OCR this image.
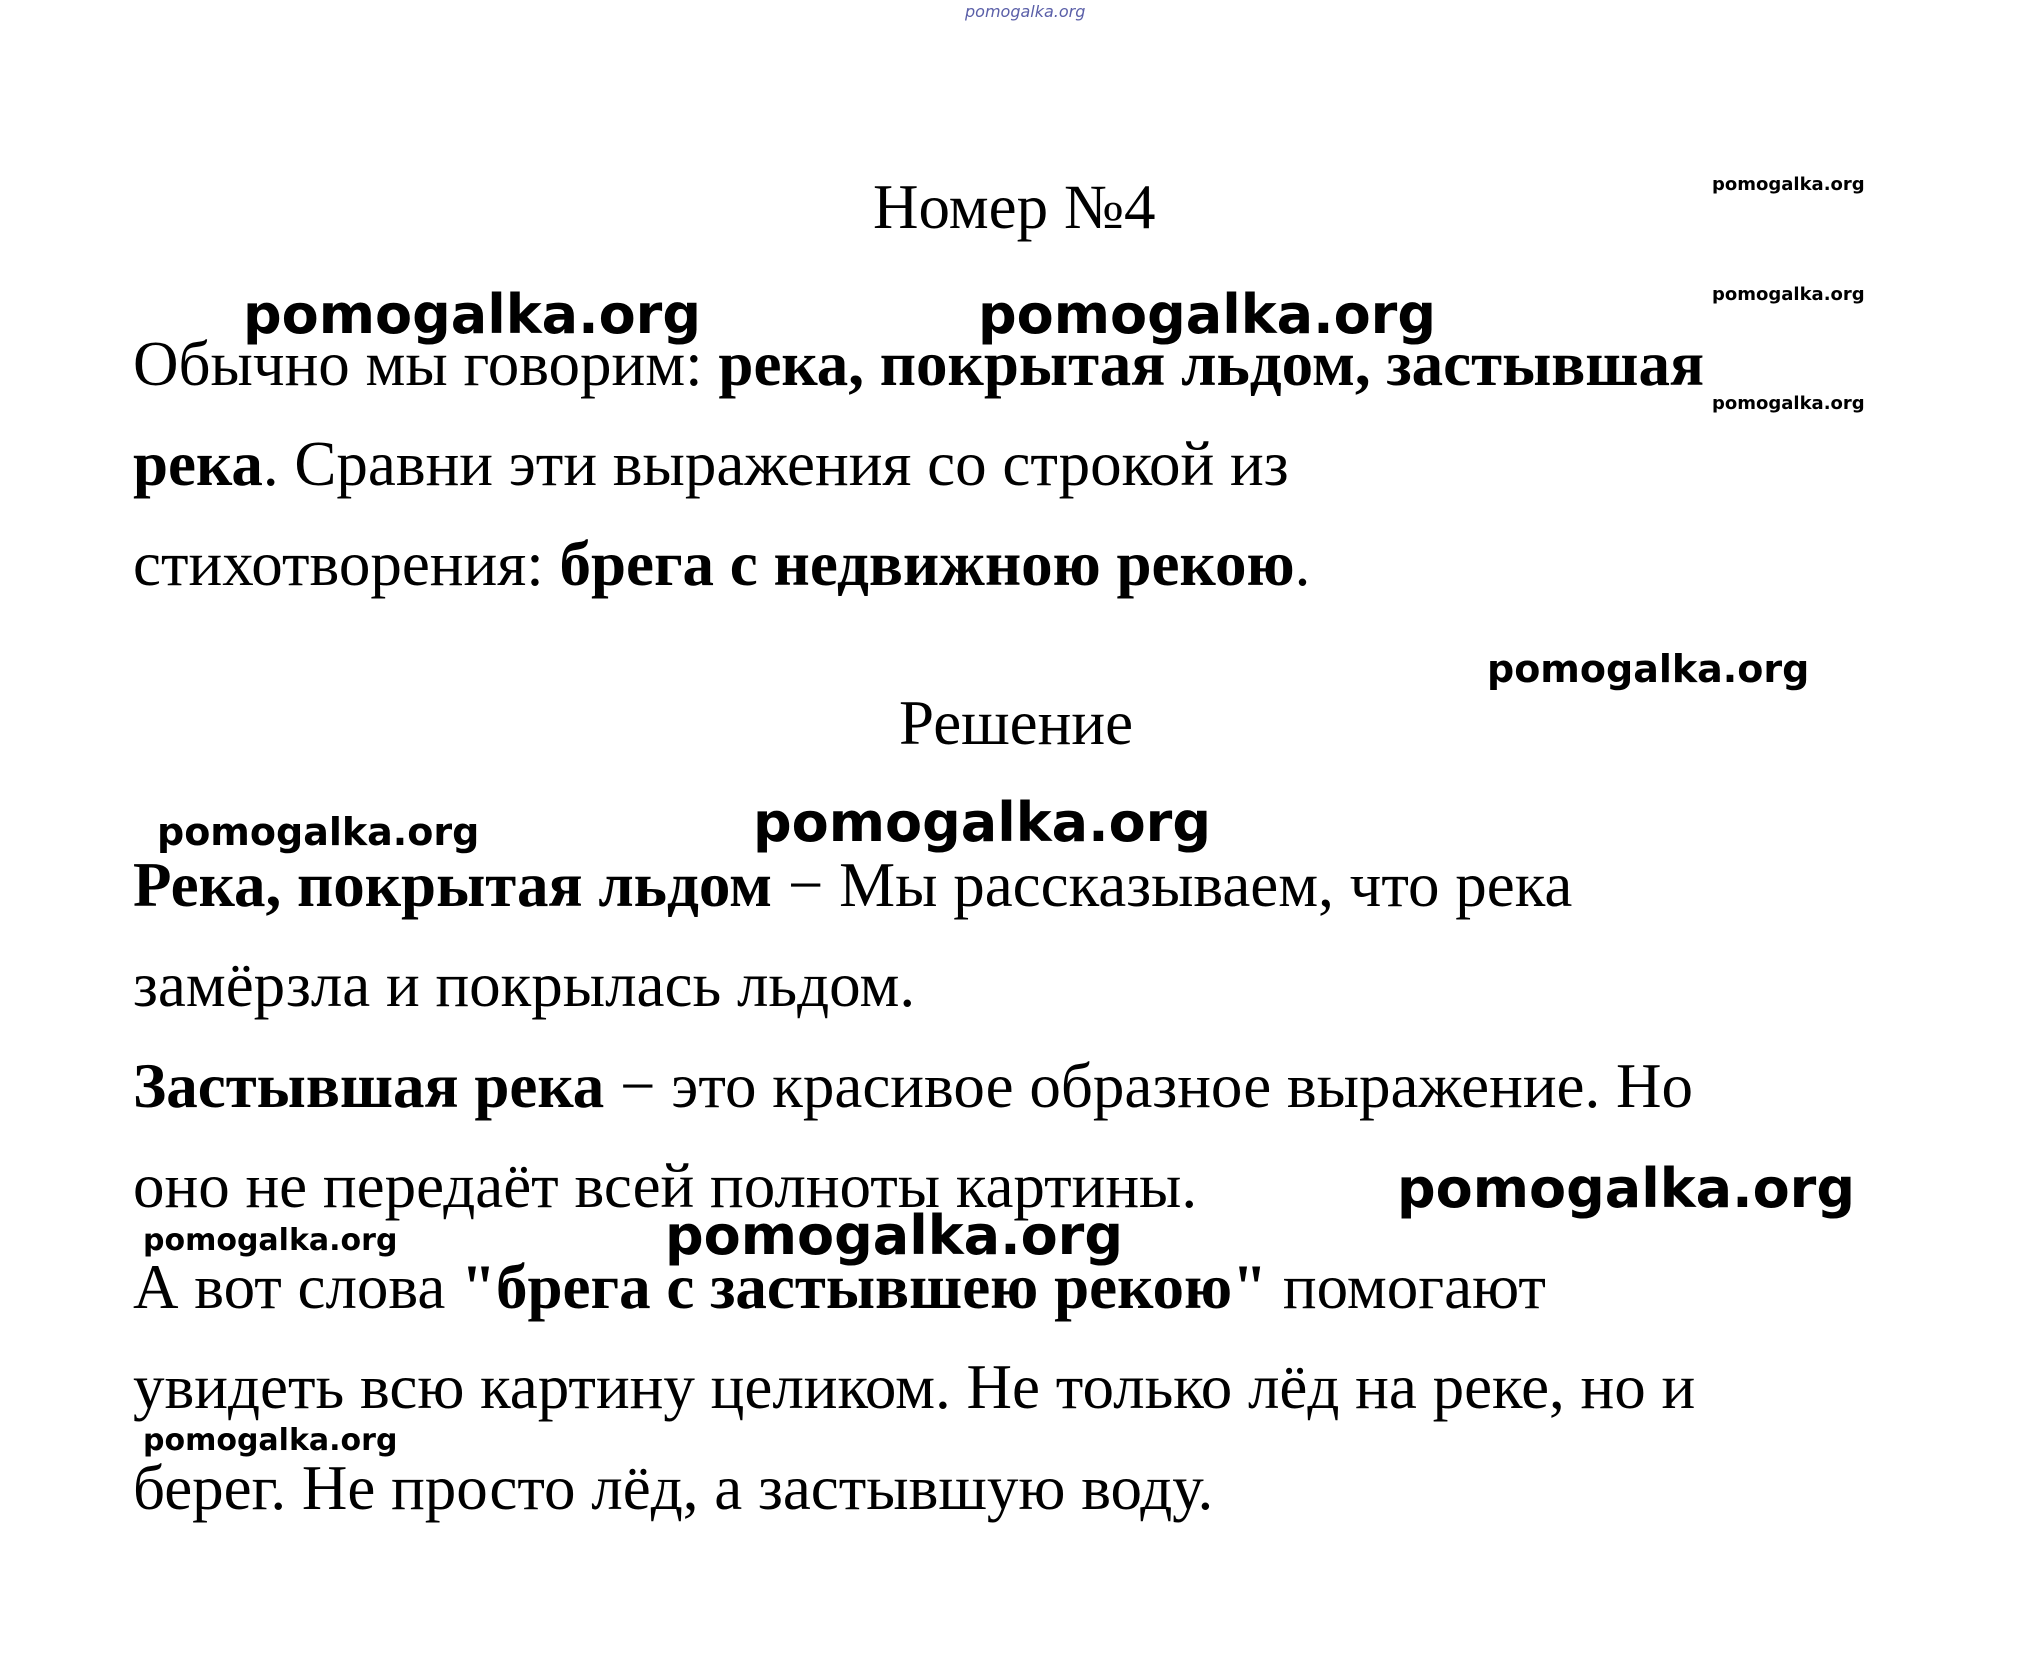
pomogalka.org
Номер №4
Обычно мы говорим: река, покрытая льдом, застывшая
река. Сравни эти выражения со строкой из
стихотворения: брега с недвижною рекою.
Решение
Река, покрытая льдом − Мы рассказываем, что река
замёрзла и покрылась льдом.
Застывшая река − это красивое образное выражение. Но
оно не передаёт всей полноты картины.
А вот слова "брега с застывшею рекою" помогают
увидеть всю картину целиком. Не только лёд на реке, но и
берег. Не просто лёд, а застывшую воду.
pomogalka.org
pomogalka.org
pomogalka.org
pomogalka.org	pomogalka.org
pomogalka.org
pomogalka.org	pomogalka.org
pomogalka.org
pomogalka.org	pomogalka.org
pomogalka.org
